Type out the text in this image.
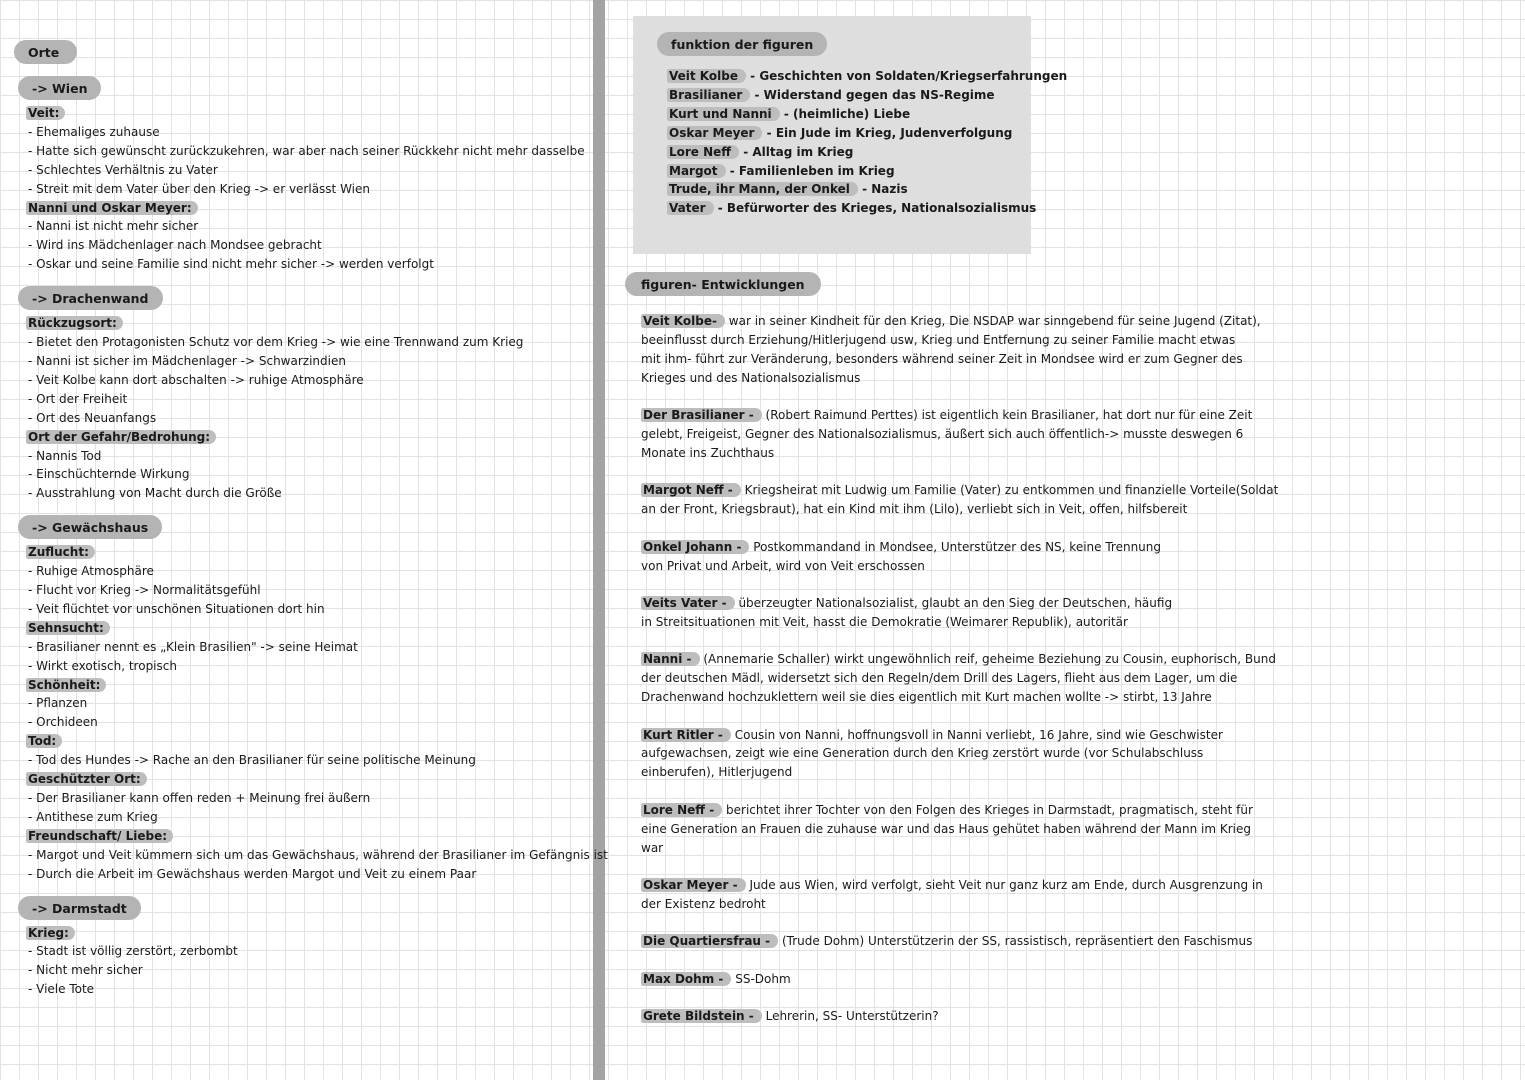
Orte
-> Wien
Veit:
- Ehemaliges zuhause
- Hatte sich gewünscht zurückzukehren, war aber nach seiner Rückkehr nicht mehr dasselbe
- Schlechtes Verhältnis zu Vater
- Streit mit dem Vater über den Krieg -> er verlässt Wien
Nanni und Oskar Meyer:
- Nanni ist nicht mehr sicher
- Wird ins Mädchenlager nach Mondsee gebracht
- Oskar und seine Familie sind nicht mehr sicher -> werden verfolgt
-> Drachenwand
Rückzugsort:
- Bietet den Protagonisten Schutz vor dem Krieg -> wie eine Trennwand zum Krieg
- Nanni ist sicher im Mädchenlager -> Schwarzindien
- Veit Kolbe kann dort abschalten -> ruhige Atmosphäre
- Ort der Freiheit
- Ort des Neuanfangs
Ort der Gefahr/Bedrohung:
- Nannis Tod
- Einschüchternde Wirkung
- Ausstrahlung von Macht durch die Größe
-> Gewächshaus
Zuflucht:
- Ruhige Atmosphäre
- Flucht vor Krieg -> Normalitätsgefühl
- Veit flüchtet vor unschönen Situationen dort hin
Sehnsucht:
- Brasilianer nennt es „Klein Brasilien" -> seine Heimat
- Wirkt exotisch, tropisch
Schönheit:
- Pflanzen
- Orchideen
Tod:
- Tod des Hundes -> Rache an den Brasilianer für seine politische Meinung
Geschützter Ort:
- Der Brasilianer kann offen reden + Meinung frei äußern
- Antithese zum Krieg
Freundschaft/ Liebe:
- Margot und Veit kümmern sich um das Gewächshaus, während der Brasilianer im Gefängnis ist
- Durch die Arbeit im Gewächshaus werden Margot und Veit zu einem Paar
-> Darmstadt
Krieg:
- Stadt ist völlig zerstört, zerbombt
- Nicht mehr sicher
- Viele Tote
funktion der figuren
Veit Kolbe - Geschichten von Soldaten/Kriegserfahrungen
Brasilianer - Widerstand gegen das NS-Regime
Kurt und Nanni - (heimliche) Liebe
Oskar Meyer - Ein Jude im Krieg, Judenverfolgung
Lore Neff - Alltag im Krieg
Margot - Familienleben im Krieg
Trude, ihr Mann, der Onkel - Nazis
Vater - Befürworter des Krieges, Nationalsozialismus
figuren- Entwicklungen
Veit Kolbe- war in seiner Kindheit für den Krieg, Die NSDAP war sinngebend für seine Jugend (Zitat),
beeinflusst durch Erziehung/Hitlerjugend usw, Krieg und Entfernung zu seiner Familie macht etwas
mit ihm- führt zur Veränderung, besonders während seiner Zeit in Mondsee wird er zum Gegner des
Krieges und des Nationalsozialismus
Der Brasilianer - (Robert Raimund Perttes) ist eigentlich kein Brasilianer, hat dort nur für eine Zeit
gelebt, Freigeist, Gegner des Nationalsozialismus, äußert sich auch öffentlich-> musste deswegen 6
Monate ins Zuchthaus
Margot Neff - Kriegsheirat mit Ludwig um Familie (Vater) zu entkommen und finanzielle Vorteile(Soldat
an der Front, Kriegsbraut), hat ein Kind mit ihm (Lilo), verliebt sich in Veit, offen, hilfsbereit
Onkel Johann - Postkommandand in Mondsee, Unterstützer des NS, keine Trennung
von Privat und Arbeit, wird von Veit erschossen
Veits Vater - überzeugter Nationalsozialist, glaubt an den Sieg der Deutschen, häufig
in Streitsituationen mit Veit, hasst die Demokratie (Weimarer Republik), autoritär
Nanni - (Annemarie Schaller) wirkt ungewöhnlich reif, geheime Beziehung zu Cousin, euphorisch, Bund
der deutschen Mädl, widersetzt sich den Regeln/dem Drill des Lagers, flieht aus dem Lager, um die
Drachenwand hochzuklettern weil sie dies eigentlich mit Kurt machen wollte -> stirbt, 13 Jahre
Kurt Ritler - Cousin von Nanni, hoffnungsvoll in Nanni verliebt, 16 Jahre, sind wie Geschwister
aufgewachsen, zeigt wie eine Generation durch den Krieg zerstört wurde (vor Schulabschluss
einberufen), Hitlerjugend
Lore Neff - berichtet ihrer Tochter von den Folgen des Krieges in Darmstadt, pragmatisch, steht für
eine Generation an Frauen die zuhause war und das Haus gehütet haben während der Mann im Krieg
war
Oskar Meyer - Jude aus Wien, wird verfolgt, sieht Veit nur ganz kurz am Ende, durch Ausgrenzung in
der Existenz bedroht
Die Quartiersfrau - (Trude Dohm) Unterstützerin der SS, rassistisch, repräsentiert den Faschismus
Max Dohm - SS-Dohm
Grete Bildstein - Lehrerin, SS- Unterstützerin?
